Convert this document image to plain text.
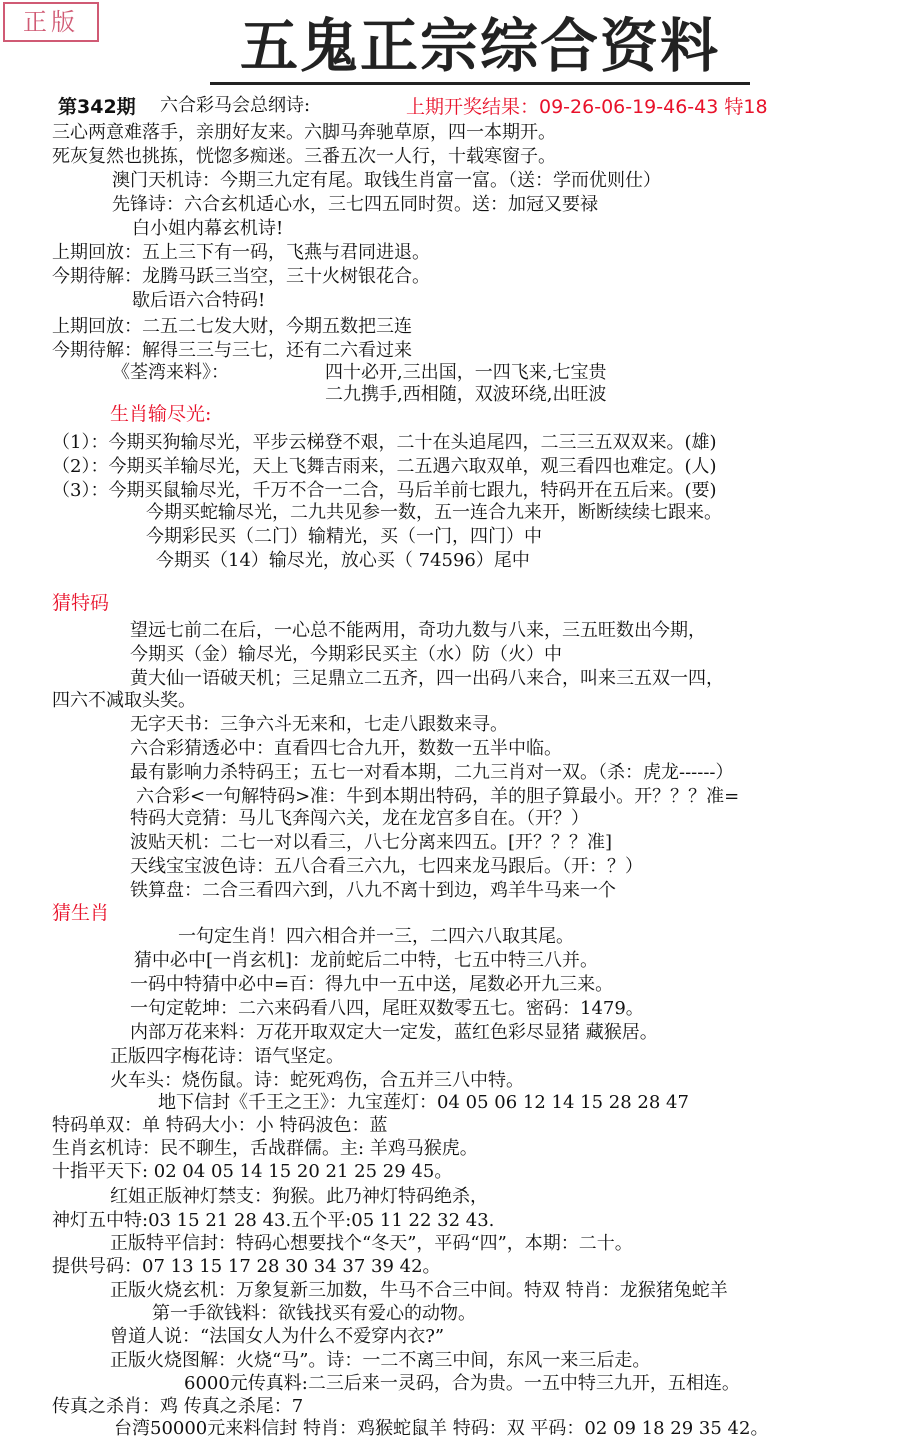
正版	五鬼正宗综合资料
第342期	上期开奖结果：09-26-06-19-46-43 特18
六合彩马会总纲诗:
三心两意难落手，亲朋好友来。六脚马奔驰草原，四一本期开。
死灰复然也挑拣，恍惚多痴迷。三番五次一人行，十载寒窗子。
澳门天机诗：今期三九定有尾。取钱生肖富一富。（送：学而优则仕）
先锋诗：六合玄机适心水，三七四五同时贺。送：加冠又要禄
白小姐内幕玄机诗!
上期回放：五上三下有一码，飞燕与君同进退。
今期待解：龙腾马跃三当空，三十火树银花合。
歇后语六合特码!
上期回放：二五二七发大财，今期五数把三连
今期待解：解得三三与三七，还有二六看过来
《荃湾来料》：	四十必开,三出国，一四飞来,七宝贵
二九携手,西相随，双波环绕,出旺波
生肖输尽光:
（1）：今期买狗输尽光，平步云梯登不艰，二十在头追尾四，二三三五双双来。(雄)
（2）：今期买羊输尽光，天上飞舞吉雨来，二五遇六取双单，观三看四也难定。(人)
（3）：今期买鼠输尽光，千万不合一二合，马后羊前七跟九，特码开在五后来。(要)
今期买蛇输尽光，二九共见参一数，五一连合九来开，断断续续七跟来。
今期彩民买（二门）输精光，买（一门，四门）中
今期买（14）输尽光，放心买（ 74596）尾中
猜特码
望远七前二在后，一心总不能两用，奇功九数与八来，三五旺数出今期，
今期买（金）输尽光，今期彩民买主（水）防（火）中
黄大仙一语破天机；三足鼎立二五齐，四一出码八来合，叫来三五双一四，
四六不减取头奖。
无字天书：三争六斗无来和，七走八跟数来寻。
六合彩猜透必中：直看四七合九开，数数一五半中临。
最有影响力杀特码王；五七一对看本期，二九三肖对一双。（杀：虎龙------）
六合彩<一句解特码>准：牛到本期出特码，羊的胆子算最小。开？？？准=
特码大竞猜：马儿飞奔闯六关，龙在龙宫多自在。（开？）
波贴天机：二七一对以看三，八七分离来四五。[开？？？准]
天线宝宝波色诗：五八合看三六九，七四来龙马跟后。（开：？）
铁算盘：二合三看四六到，八九不离十到边，鸡羊牛马来一个
猜生肖
一句定生肖！四六相合并一三，二四六八取其尾。
猜中必中[一肖玄机]：龙前蛇后二中特，七五中特三八并。
一码中特猜中必中=百：得九中一五中送，尾数必开九三来。
一句定乾坤：二六来码看八四，尾旺双数零五七。密码：1479。
内部万花来料：万花开取双定大一定发，蓝红色彩尽显猪 藏猴居。
正版四字梅花诗：语气坚定。
火车头：烧伤鼠。诗：蛇死鸡伤，合五并三八中特。
地下信封《千王之王》：九宝莲灯：04 05 06 12 14 15 28 28 47
特码单双：单 特码大小：小 特码波色：蓝
生肖玄机诗：民不聊生，舌战群儒。主: 羊鸡马猴虎。
十指平天下: 02 04 05 14 15 20 21 25 29 45。
红姐正版神灯禁支：狗猴。此乃神灯特码绝杀，
神灯五中特:03 15 21 28 43.五个平:05 11 22 32 43.
正版特平信封：特码心想要找个“冬天”，平码“四”，本期：二十。
提供号码：07 13 15 17 28 30 34 37 39 42。
正版火烧玄机：万象复新三加数，牛马不合三中间。特双 特肖：龙猴猪兔蛇羊
第一手欲钱料：欲钱找买有爱心的动物。
曾道人说：“法国女人为什么不爱穿内衣?”
正版火烧图解：火烧“马”。诗：一二不离三中间，东风一来三后走。
6000元传真料:二三后来一灵码，合为贵。一五中特三九开，五相连。
传真之杀肖：鸡 传真之杀尾：7
台湾50000元来料信封 特肖：鸡猴蛇鼠羊 特码：双 平码：02 09 18 29 35 42。
